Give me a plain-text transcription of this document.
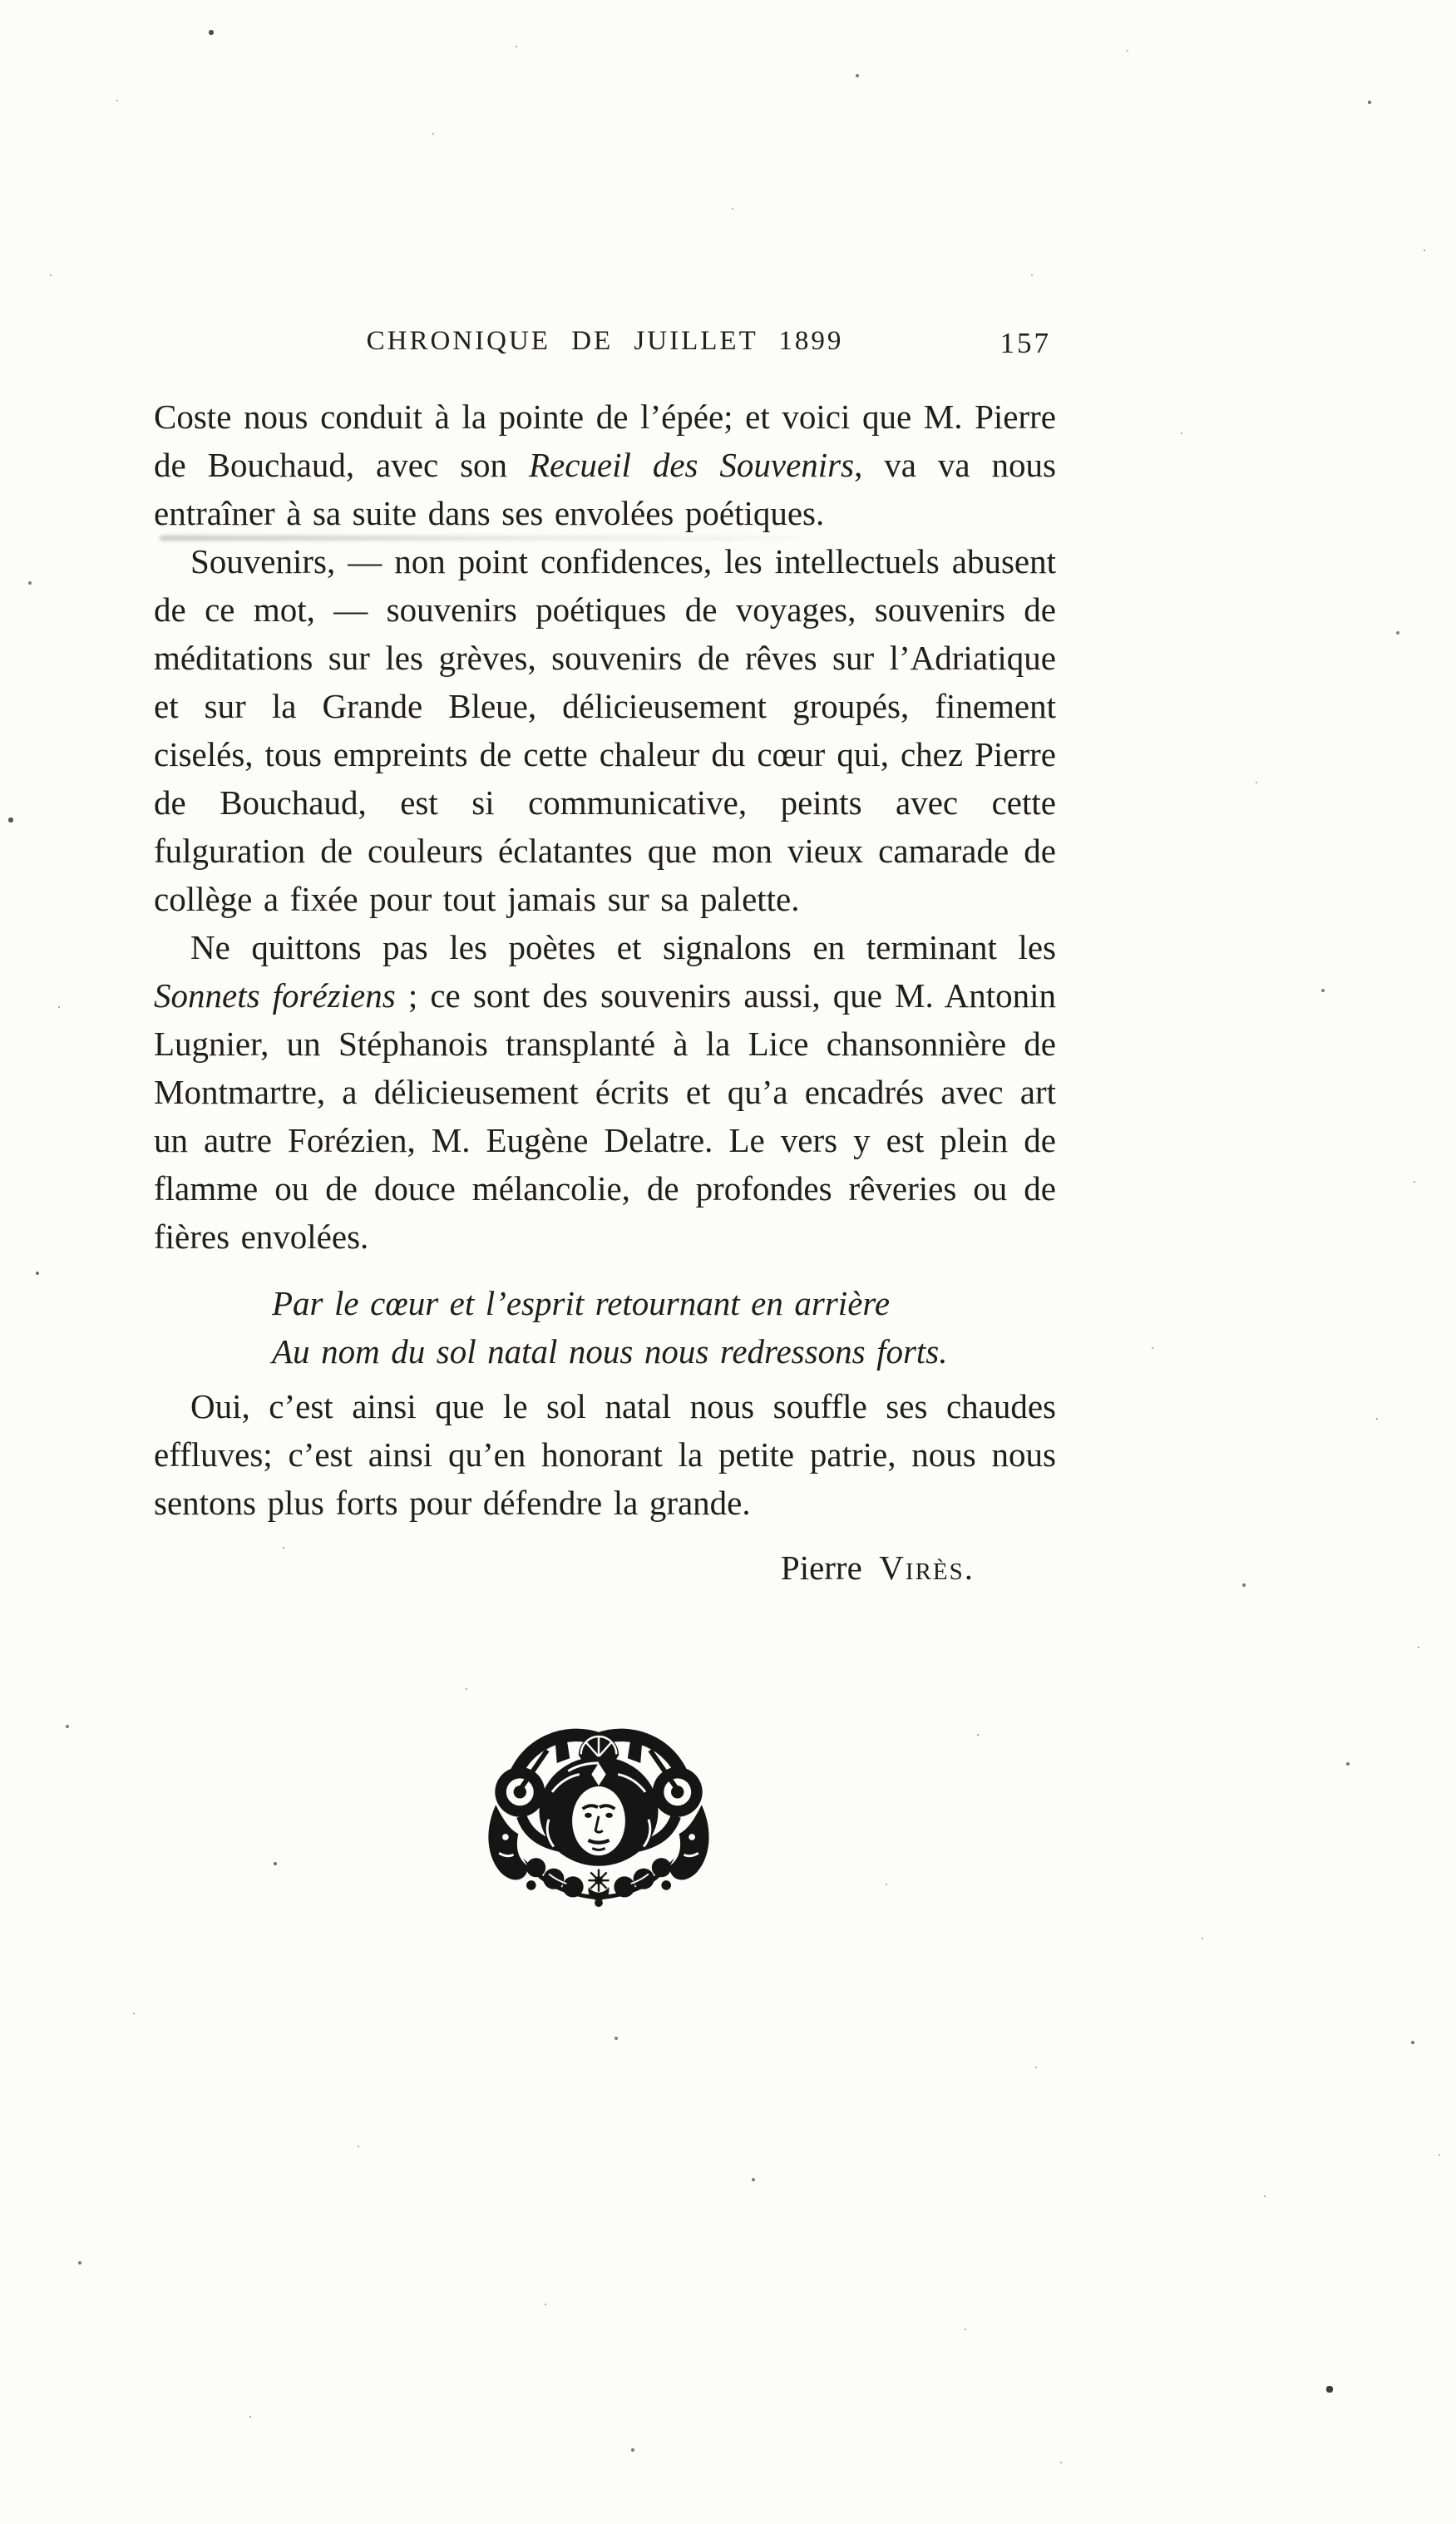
CHRONIQUE DE JUILLET 1899	157

Coste nous conduit à la pointe de l’épée; et voici que M. Pierre de Bouchaud, avec son Recueil des Souvenirs, va va nous entraîner à sa suite dans ses envolées poétiques.

Souvenirs, — non point confidences, les intellectuels abusent de ce mot, — souvenirs poétiques de voyages, souvenirs de méditations sur les grèves, souvenirs de rêves sur l’Adriatique et sur la Grande Bleue, délicieusement groupés, finement ciselés, tous empreints de cette chaleur du cœur qui, chez Pierre de Bouchaud, est si communicative, peints avec cette fulguration de couleurs éclatantes que mon vieux camarade de collège a fixée pour tout jamais sur sa palette.

Ne quittons pas les poètes et signalons en terminant les Sonnets foréziens ; ce sont des souvenirs aussi, que M. Antonin Lugnier, un Stéphanois transplanté à la Lice chansonnière de Montmartre, a délicieusement écrits et qu’a encadrés avec art un autre Forézien, M. Eugène Delatre. Le vers y est plein de flamme ou de douce mélancolie, de profondes rêveries ou de fières envolées.

Par le cœur et l’esprit retournant en arrière

Au nom du sol natal nous nous redressons forts.

Oui, c’est ainsi que le sol natal nous souffle ses chaudes effluves; c’est ainsi qu’en honorant la petite patrie, nous nous sentons plus forts pour défendre la grande.

Pierre Virès.
